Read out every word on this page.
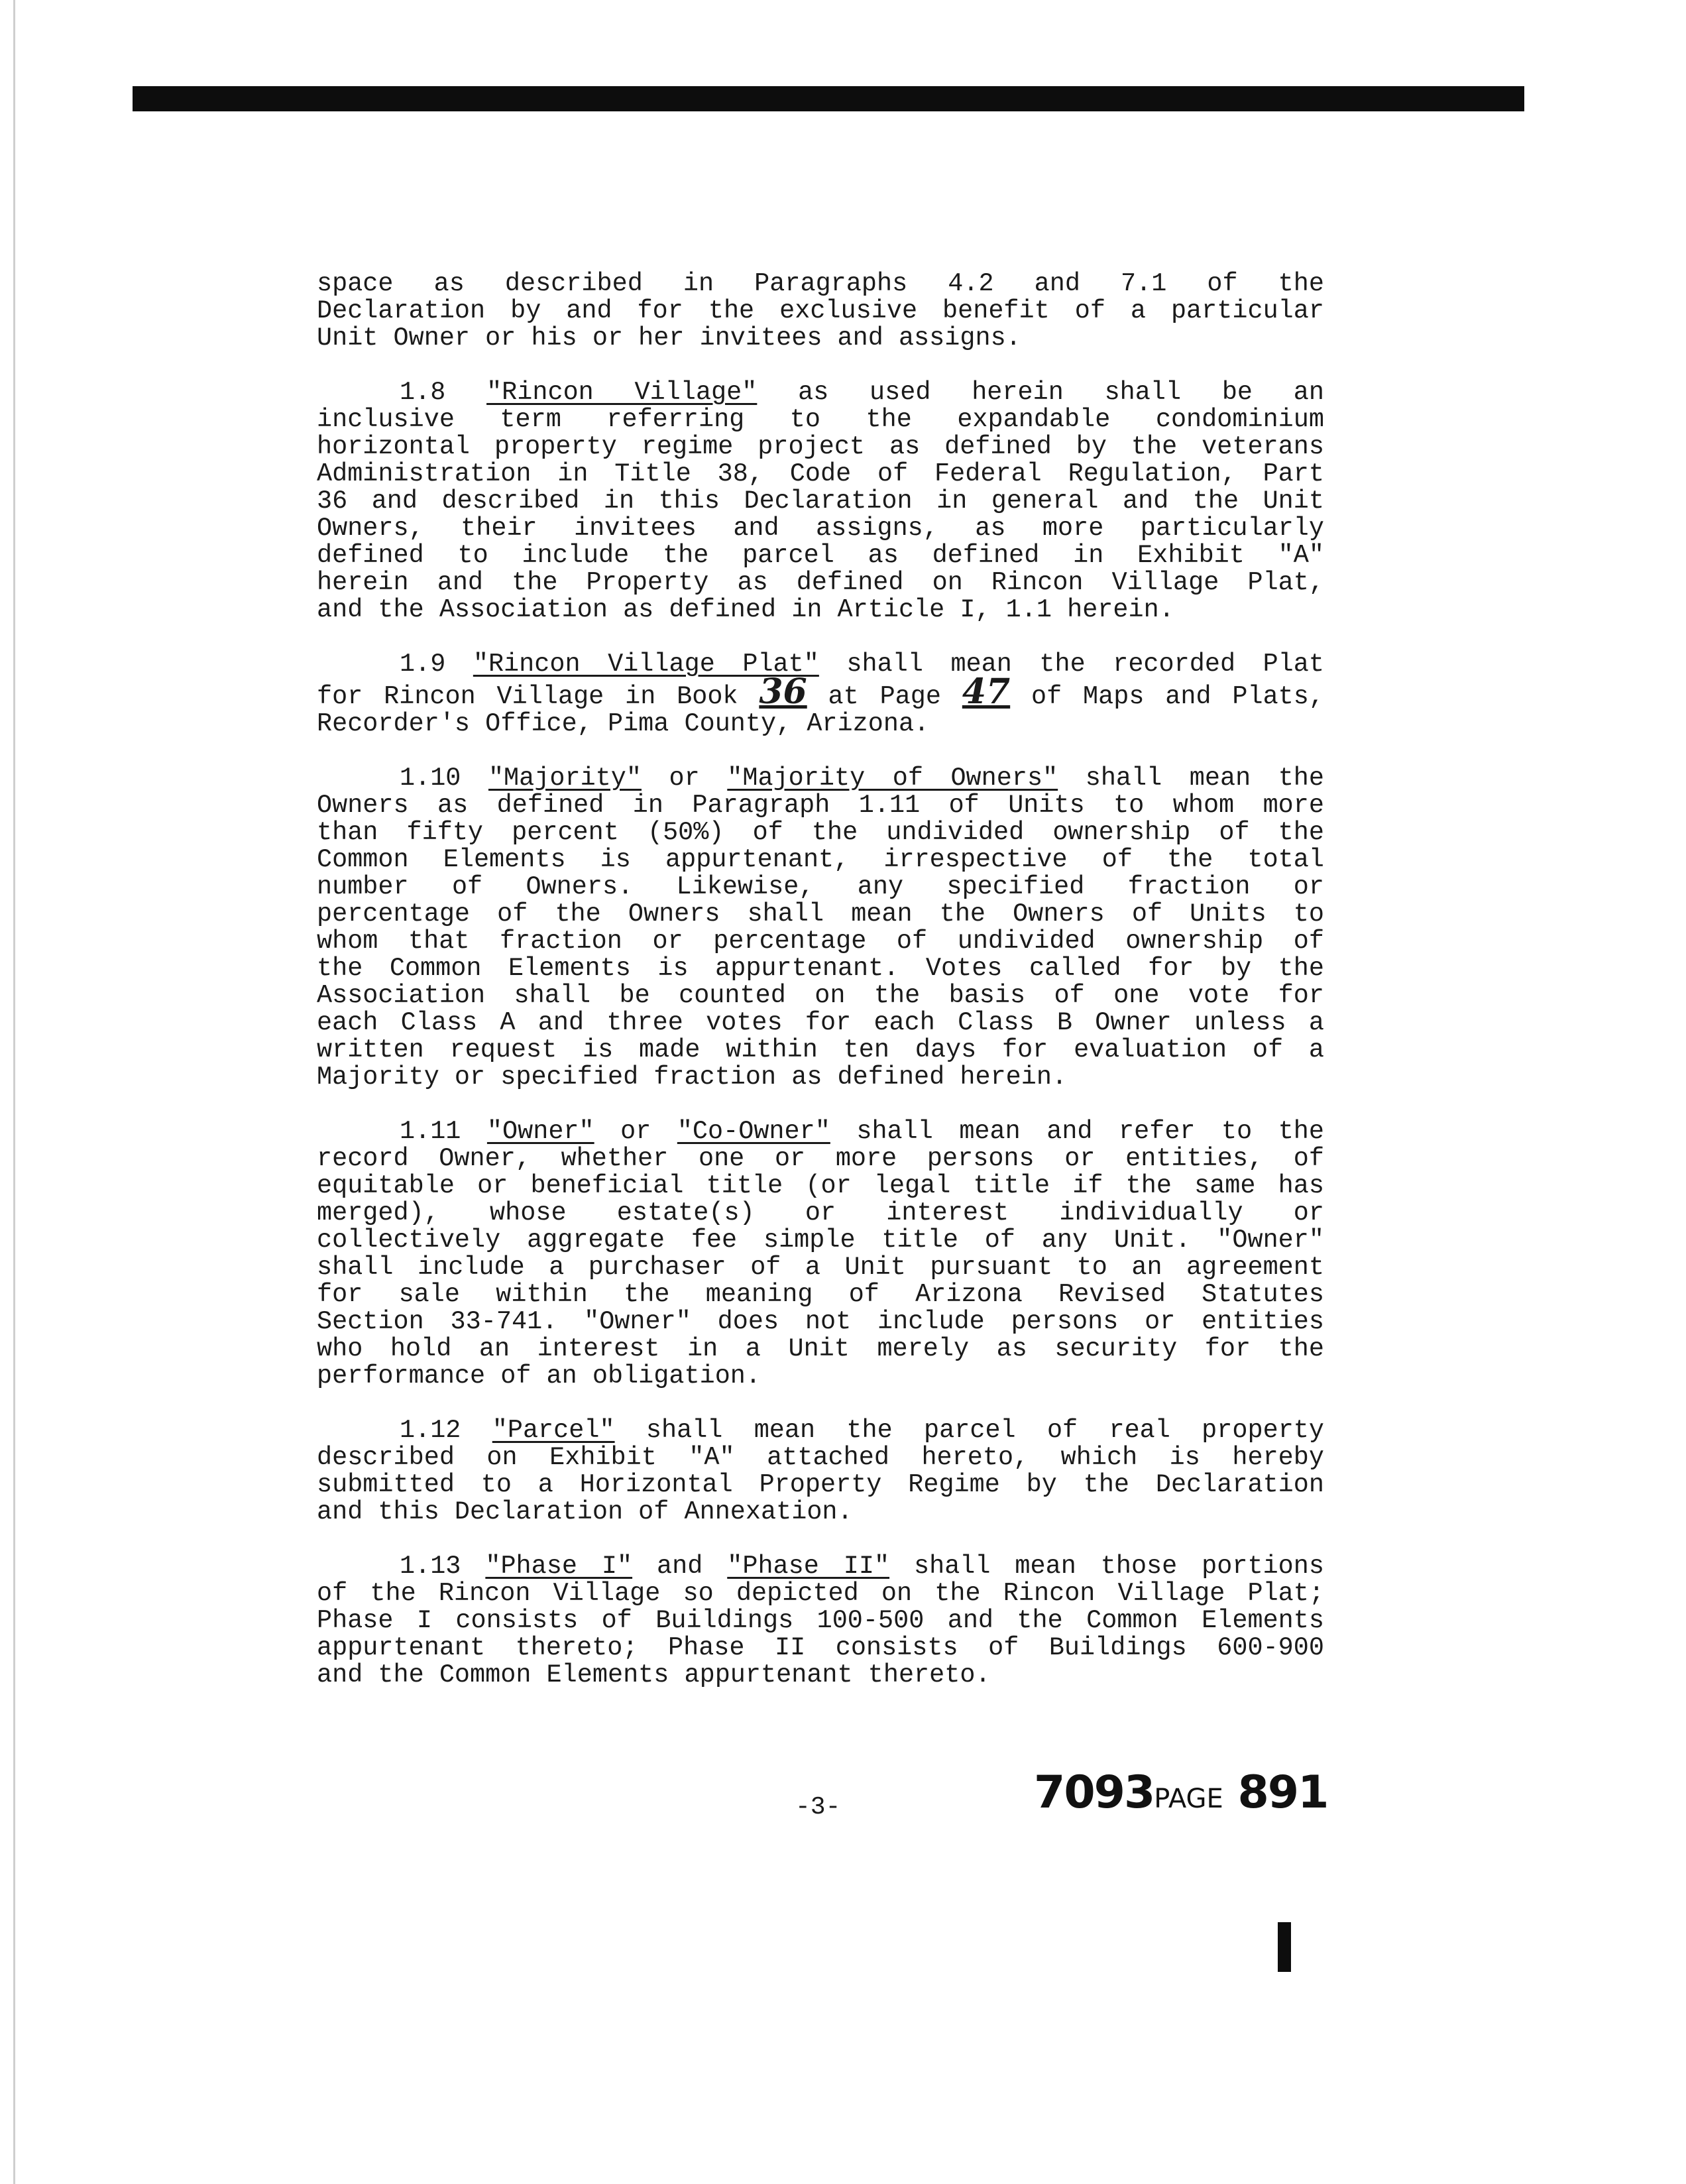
space as described in Paragraphs 4.2 and 7.1 of the
Declaration by and for the exclusive benefit of a particular
Unit Owner or his or her invitees and assigns.

1.8 "Rincon Village" as used herein shall be an
inclusive term referring to the expandable condominium
horizontal property regime project as defined by the veterans
Administration in Title 38, Code of Federal Regulation, Part
36 and described in this Declaration in general and the Unit
Owners, their invitees and assigns, as more particularly
defined to include the parcel as defined in Exhibit "A"
herein and the Property as defined on Rincon Village Plat,
and the Association as defined in Article I, 1.1 herein.

1.9 "Rincon Village Plat" shall mean the recorded Plat
for Rincon Village in Book 36 at Page 47 of Maps and Plats,
Recorder's Office, Pima County, Arizona.

1.10 "Majority" or "Majority of Owners" shall mean the
Owners as defined in Paragraph 1.11 of Units to whom more
than fifty percent (50%) of the undivided ownership of the
Common Elements is appurtenant, irrespective of the total
number of Owners. Likewise, any specified fraction or
percentage of the Owners shall mean the Owners of Units to
whom that fraction or percentage of undivided ownership of
the Common Elements is appurtenant. Votes called for by the
Association shall be counted on the basis of one vote for
each Class A and three votes for each Class B Owner unless a
written request is made within ten days for evaluation of a
Majority or specified fraction as defined herein.

1.11 "Owner" or "Co-Owner" shall mean and refer to the
record Owner, whether one or more persons or entities, of
equitable or beneficial title (or legal title if the same has
merged), whose estate(s) or interest individually or
collectively aggregate fee simple title of any Unit. "Owner"
shall include a purchaser of a Unit pursuant to an agreement
for sale within the meaning of Arizona Revised Statutes
Section 33-741. "Owner" does not include persons or entities
who hold an interest in a Unit merely as security for the
performance of an obligation.

1.12 "Parcel" shall mean the parcel of real property
described on Exhibit "A" attached hereto, which is hereby
submitted to a Horizontal Property Regime by the Declaration
and this Declaration of Annexation.

1.13 "Phase I" and "Phase II" shall mean those portions
of the Rincon Village so depicted on the Rincon Village Plat;
Phase I consists of Buildings 100-500 and the Common Elements
appurtenant thereto; Phase II consists of Buildings 600-900
and the Common Elements appurtenant thereto.

-3-	7093PAGE 891
